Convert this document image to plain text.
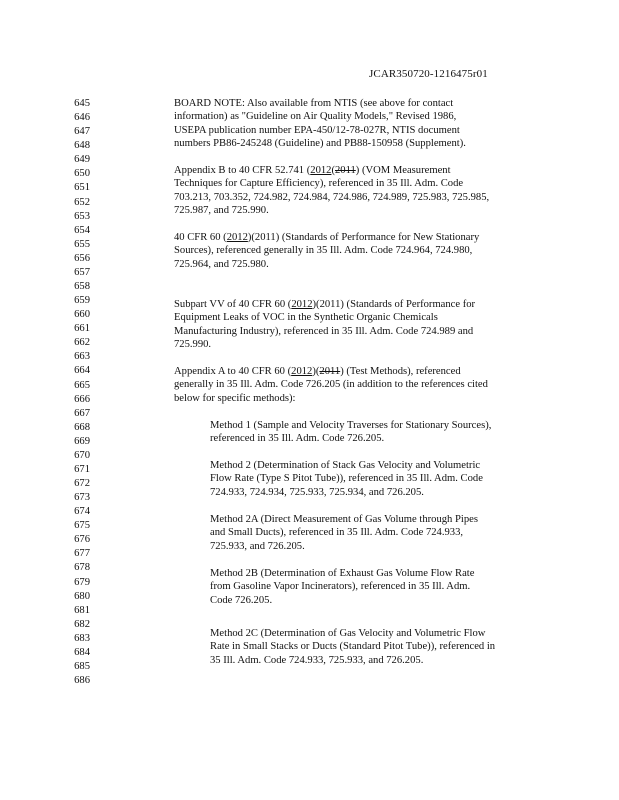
JCAR350720-1216475r01
645
646
647
648
649
650
651
652
653
654
655
656
657
658
659
660
661
662
663
664
665
666
667
668
669
670
671
672
673
674
675
676
677
678
679
680
681
682
683
684
685
686
BOARD NOTE: Also available from NTIS (see above for contact
information) as "Guideline on Air Quality Models," Revised 1986,
USEPA publication number EPA-450/12-78-027R, NTIS document
numbers PB86-245248 (Guideline) and PB88-150958 (Supplement).
Appendix B to 40 CFR 52.741 (2012(2011) (VOM Measurement
Techniques for Capture Efficiency), referenced in 35 Ill. Adm. Code
703.213, 703.352, 724.982, 724.984, 724.986, 724.989, 725.983, 725.985,
725.987, and 725.990.
40 CFR 60 (2012)(2011) (Standards of Performance for New Stationary
Sources), referenced generally in 35 Ill. Adm. Code 724.964, 724.980,
725.964, and 725.980.
Subpart VV of 40 CFR 60 (2012)(2011) (Standards of Performance for
Equipment Leaks of VOC in the Synthetic Organic Chemicals
Manufacturing Industry), referenced in 35 Ill. Adm. Code 724.989 and
725.990.
Appendix A to 40 CFR 60 (2012)(2011) (Test Methods), referenced
generally in 35 Ill. Adm. Code 726.205 (in addition to the references cited
below for specific methods):
Method 1 (Sample and Velocity Traverses for Stationary Sources),
referenced in 35 Ill. Adm. Code 726.205.
Method 2 (Determination of Stack Gas Velocity and Volumetric
Flow Rate (Type S Pitot Tube)), referenced in 35 Ill. Adm. Code
724.933, 724.934, 725.933, 725.934, and 726.205.
Method 2A (Direct Measurement of Gas Volume through Pipes
and Small Ducts), referenced in 35 Ill. Adm. Code 724.933,
725.933, and 726.205.
Method 2B (Determination of Exhaust Gas Volume Flow Rate
from Gasoline Vapor Incinerators), referenced in 35 Ill. Adm.
Code 726.205.
Method 2C (Determination of Gas Velocity and Volumetric Flow
Rate in Small Stacks or Ducts (Standard Pitot Tube)), referenced in
35 Ill. Adm. Code 724.933, 725.933, and 726.205.
